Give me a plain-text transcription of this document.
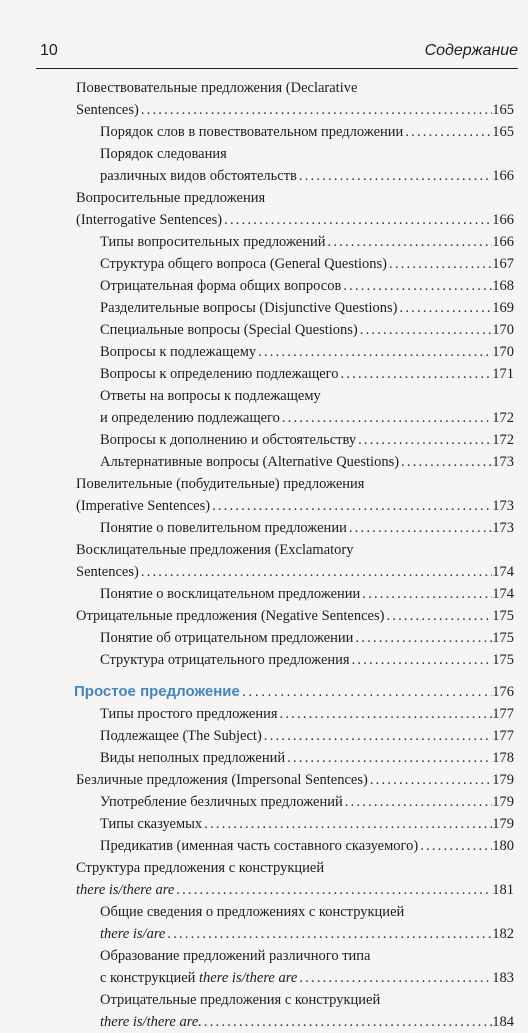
10	Содержание
Повествовательные предложения (Declarative
Sentences) .....	165
Порядок слов в повествовательном предложении .....	165
Порядок следования
различных видов обстоятельств .....	166
Вопросительные предложения
(Interrogative Sentences) .....	166
Типы вопросительных предложений .....	166
Структура общего вопроса (General Questions) .....	167
Отрицательная форма общих вопросов .....	168
Разделительные вопросы (Disjunctive Questions) .....	169
Специальные вопросы (Special Questions) .....	170
Вопросы к подлежащему .....	170
Вопросы к определению подлежащего .....	171
Ответы на вопросы к подлежащему
и определению подлежащего .....	172
Вопросы к дополнению и обстоятельству .....	172
Альтернативные вопросы (Alternative Questions) .....	173
Повелительные (побудительные) предложения
(Imperative Sentences) .....	173
Понятие о повелительном предложении .....	173
Восклицательные предложения (Exclamatory
Sentences) .....	174
Понятие о восклицательном предложении .....	174
Отрицательные предложения (Negative Sentences) .....	175
Понятие об отрицательном предложении .....	175
Структура отрицательного предложения .....	175
Простое предложение .....	176
Типы простого предложения .....	177
Подлежащее (The Subject) .....	177
Виды неполных предложений .....	178
Безличные предложения (Impersonal Sentences) .....	179
Употребление безличных предложений .....	179
Типы сказуемых .....	179
Предикатив (именная часть составного сказуемого) .....	180
Структура предложения с конструкцией
there is/there are .....	181
Общие сведения о предложениях с конструкцией
there is/are .....	182
Образование предложений различного типа
с конструкцией there is/there are .....	183
Отрицательные предложения с конструкцией
there is/there are. .....	184
